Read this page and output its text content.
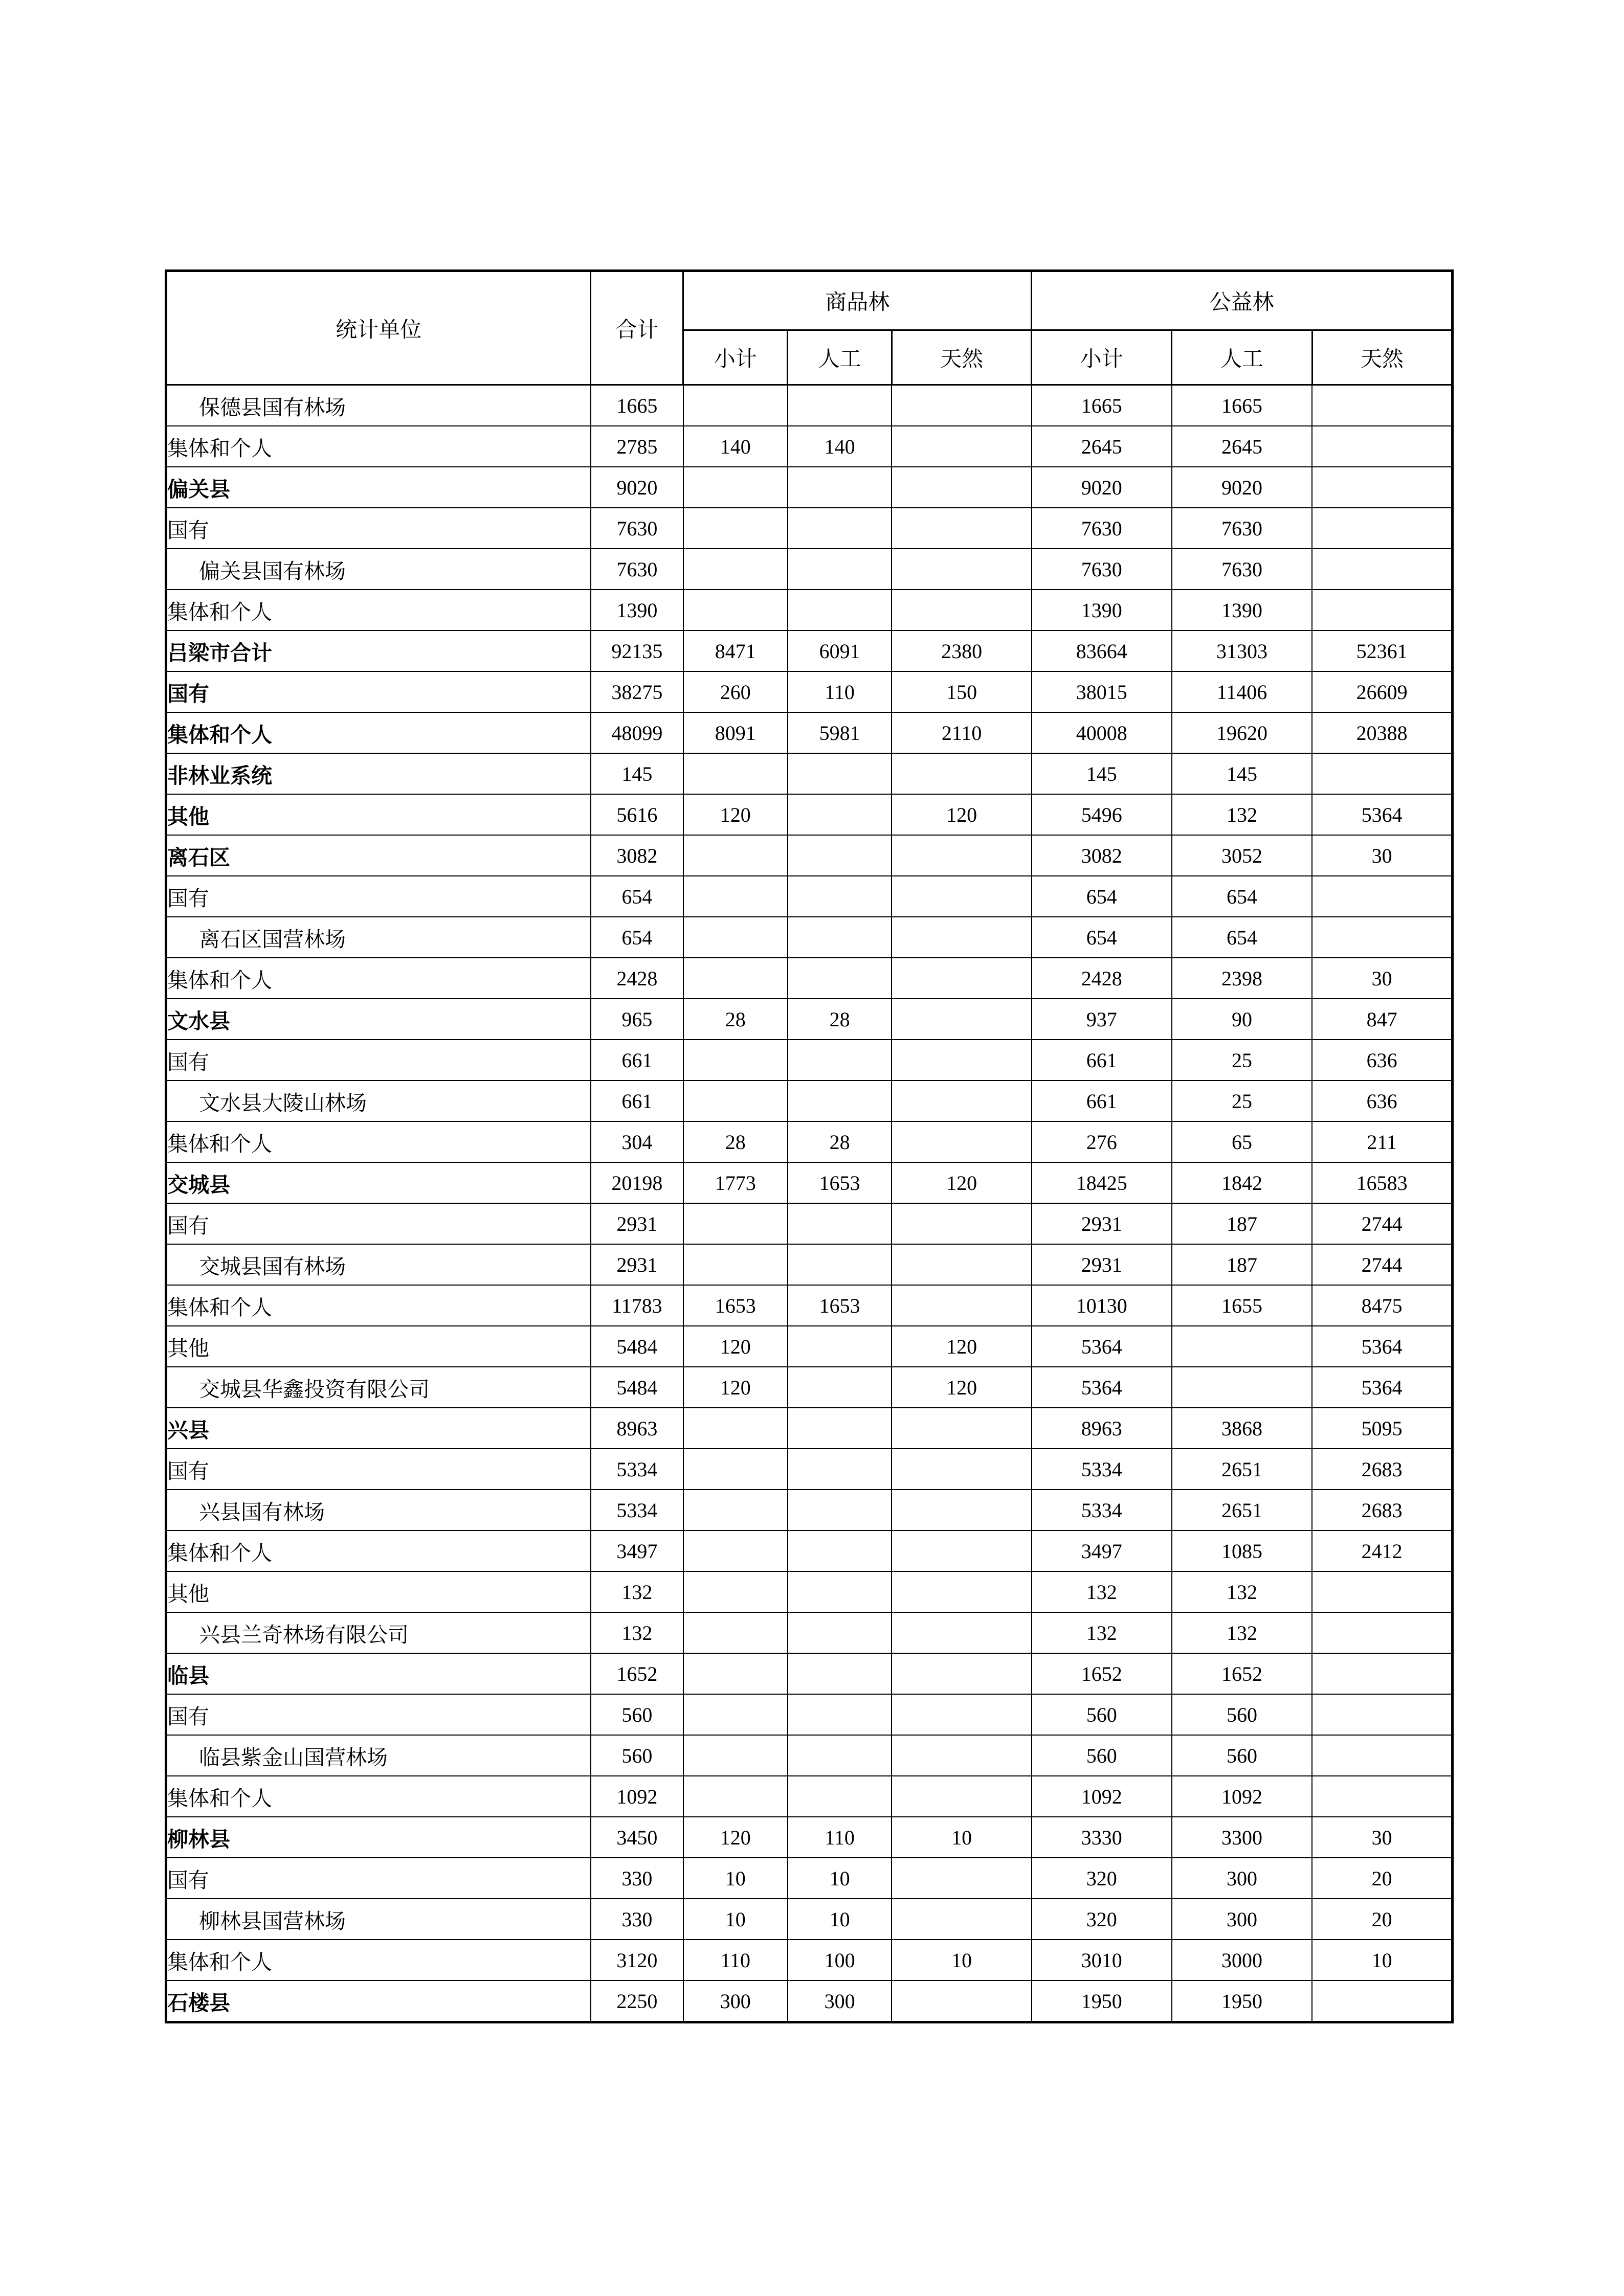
统计单位	合计	商品林			公益林		
		小计	人工	天然	小计	人工	天然
保德县国有林场	1665				1665	1665	
集体和个人	2785	140	140		2645	2645	
偏关县	9020				9020	9020	
国有	7630				7630	7630	
偏关县国有林场	7630				7630	7630	
集体和个人	1390				1390	1390	
吕梁市合计	92135	8471	6091	2380	83664	31303	52361
国有	38275	260	110	150	38015	11406	26609
集体和个人	48099	8091	5981	2110	40008	19620	20388
非林业系统	145				145	145	
其他	5616	120		120	5496	132	5364
离石区	3082				3082	3052	30
国有	654				654	654	
离石区国营林场	654				654	654	
集体和个人	2428				2428	2398	30
文水县	965	28	28		937	90	847
国有	661				661	25	636
文水县大陵山林场	661				661	25	636
集体和个人	304	28	28		276	65	211
交城县	20198	1773	1653	120	18425	1842	16583
国有	2931				2931	187	2744
交城县国有林场	2931				2931	187	2744
集体和个人	11783	1653	1653		10130	1655	8475
其他	5484	120		120	5364		5364
交城县华鑫投资有限公司	5484	120		120	5364		5364
兴县	8963				8963	3868	5095
国有	5334				5334	2651	2683
兴县国有林场	5334				5334	2651	2683
集体和个人	3497				3497	1085	2412
其他	132				132	132	
兴县兰奇林场有限公司	132				132	132	
临县	1652				1652	1652	
国有	560				560	560	
临县紫金山国营林场	560				560	560	
集体和个人	1092				1092	1092	
柳林县	3450	120	110	10	3330	3300	30
国有	330	10	10		320	300	20
柳林县国营林场	330	10	10		320	300	20
集体和个人	3120	110	100	10	3010	3000	10
石楼县	2250	300	300		1950	1950	
